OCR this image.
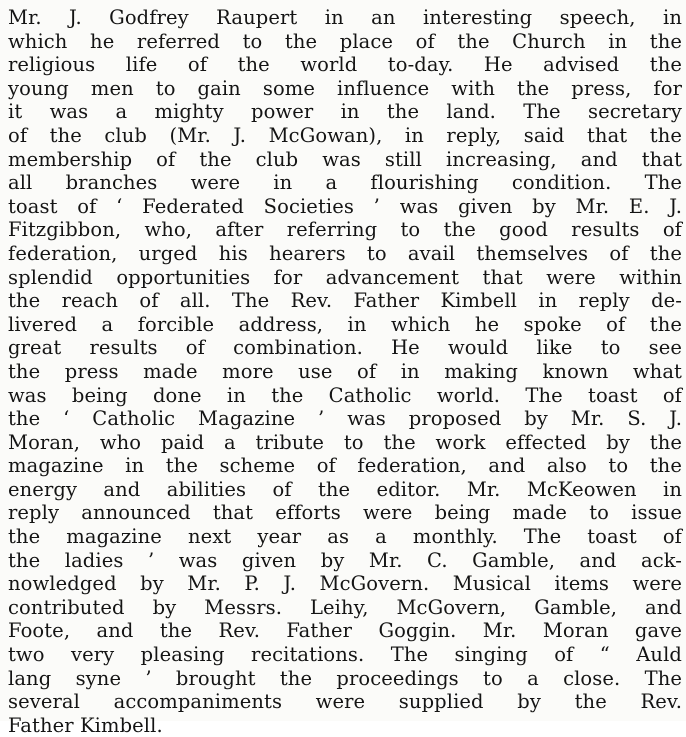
Mr. J. Godfrey Raupert in an interesting speech, in
which he referred to the place of the Church in the
religious life of the world to-day. He advised the
young men to gain some influence with the press, for
it was a mighty power in the land. The secretary
of the club (Mr. J. McGowan), in reply, said that the
membership of the club was still increasing, and that
all branches were in a flourishing condition. The
toast of ‘ Federated Societies ’ was given by Mr. E. J.
Fitzgibbon, who, after referring to the good results of
federation, urged his hearers to avail themselves of the
splendid opportunities for advancement that were within
the reach of all. The Rev. Father Kimbell in reply de-
livered a forcible address, in which he spoke of the
great results of combination. He would like to see
the press made more use of in making known what
was being done in the Catholic world. The toast of
the ‘ Catholic Magazine ’ was proposed by Mr. S. J.
Moran, who paid a tribute to the work effected by the
magazine in the scheme of federation, and also to the
energy and abilities of the editor. Mr. McKeowen in
reply announced that efforts were being made to issue
the magazine next year as a monthly. The toast of
the ladies ’ was given by Mr. C. Gamble, and ack-
nowledged by Mr. P. J. McGovern. Musical items were
contributed by Messrs. Leihy, McGovern, Gamble, and
Foote, and the Rev. Father Goggin. Mr. Moran gave
two very pleasing recitations. The singing of “ Auld
lang syne ’ brought the proceedings to a close. The
several accompaniments were supplied by the Rev.
Father Kimbell.
